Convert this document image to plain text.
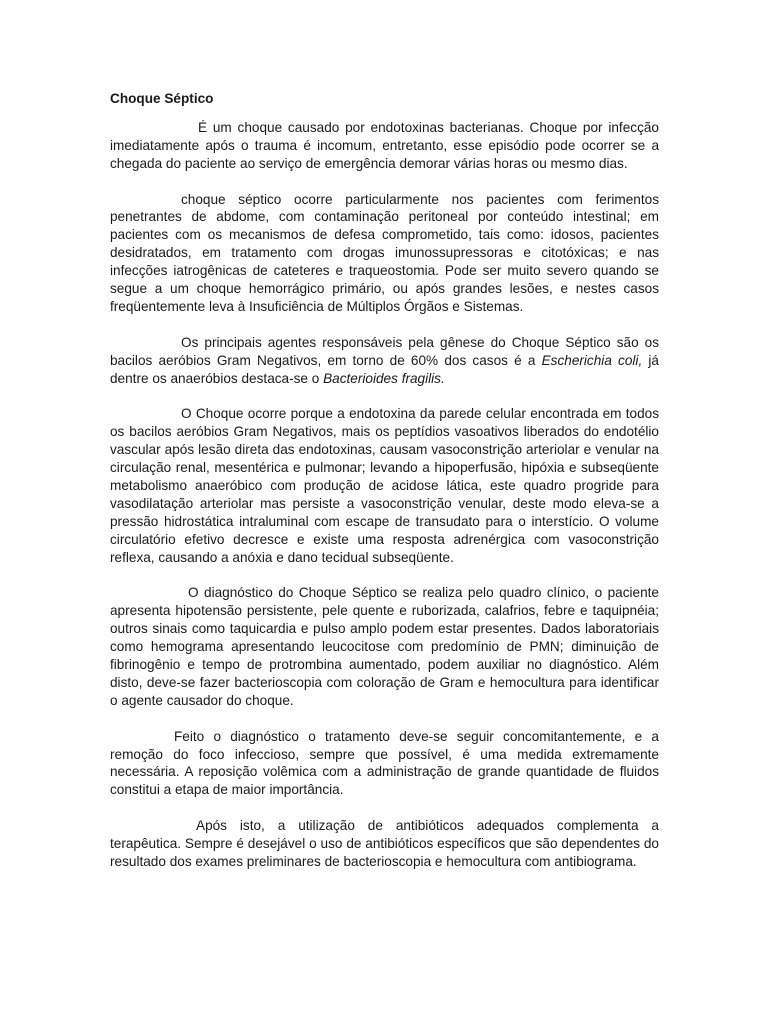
Choque Séptico

É um choque causado por endotoxinas bacterianas. Choque por infecção imediatamente após o trauma é incomum, entretanto, esse episódio pode ocorrer se a chegada do paciente ao serviço de emergência demorar várias horas ou mesmo dias.

choque séptico ocorre particularmente nos pacientes com ferimentos penetrantes de abdome, com contaminação peritoneal por conteúdo intestinal; em pacientes com os mecanismos de defesa comprometido, tais como: idosos, pacientes desidratados, em tratamento com drogas imunossupressoras e citotóxicas; e nas infecções iatrogênicas de cateteres e traqueostomia. Pode ser muito severo quando se segue a um choque hemorrágico primário, ou após grandes lesões, e nestes casos freqüentemente leva à Insuficiência de Múltiplos Órgãos e Sistemas.

Os principais agentes responsáveis pela gênese do Choque Séptico são os bacilos aeróbios Gram Negativos, em torno de 60% dos casos é a Escherichia coli, já dentre os anaeróbios destaca-se o Bacterioides fragilis.

O Choque ocorre porque a endotoxina da parede celular encontrada em todos os bacilos aeróbios Gram Negativos, mais os peptídios vasoativos liberados do endotélio vascular após lesão direta das endotoxinas, causam vasoconstrição arteriolar e venular na circulação renal, mesentérica e pulmonar; levando a hipoperfusão, hipóxia e subseqüente metabolismo anaeróbico com produção de acidose lática, este quadro progride para vasodilatação arteriolar mas persiste a vasoconstrição venular, deste modo eleva-se a pressão hidrostática intraluminal com escape de transudato para o interstício. O volume circulatório efetivo decresce e existe uma resposta adrenérgica com vasoconstrição reflexa, causando a anóxia e dano tecidual subseqüente.

O diagnóstico do Choque Séptico se realiza pelo quadro clínico, o paciente apresenta hipotensão persistente, pele quente e ruborizada, calafrios, febre e taquipnéia; outros sinais como taquicardia e pulso amplo podem estar presentes. Dados laboratoriais como hemograma apresentando leucocitose com predomínio de PMN; diminuição de fibrinogênio e tempo de protrombina aumentado, podem auxiliar no diagnóstico. Além disto, deve-se fazer bacterioscopia com coloração de Gram e hemocultura para identificar o agente causador do choque.

Feito o diagnóstico o tratamento deve-se seguir concomitantemente, e a remoção do foco infeccioso, sempre que possível, é uma medida extremamente necessária. A reposição volêmica com a administração de grande quantidade de fluidos constitui a etapa de maior importância.

Após isto, a utilização de antibióticos adequados complementa a terapêutica. Sempre é desejável o uso de antibióticos específicos que são dependentes do resultado dos exames preliminares de bacterioscopia e hemocultura com antibiograma.
